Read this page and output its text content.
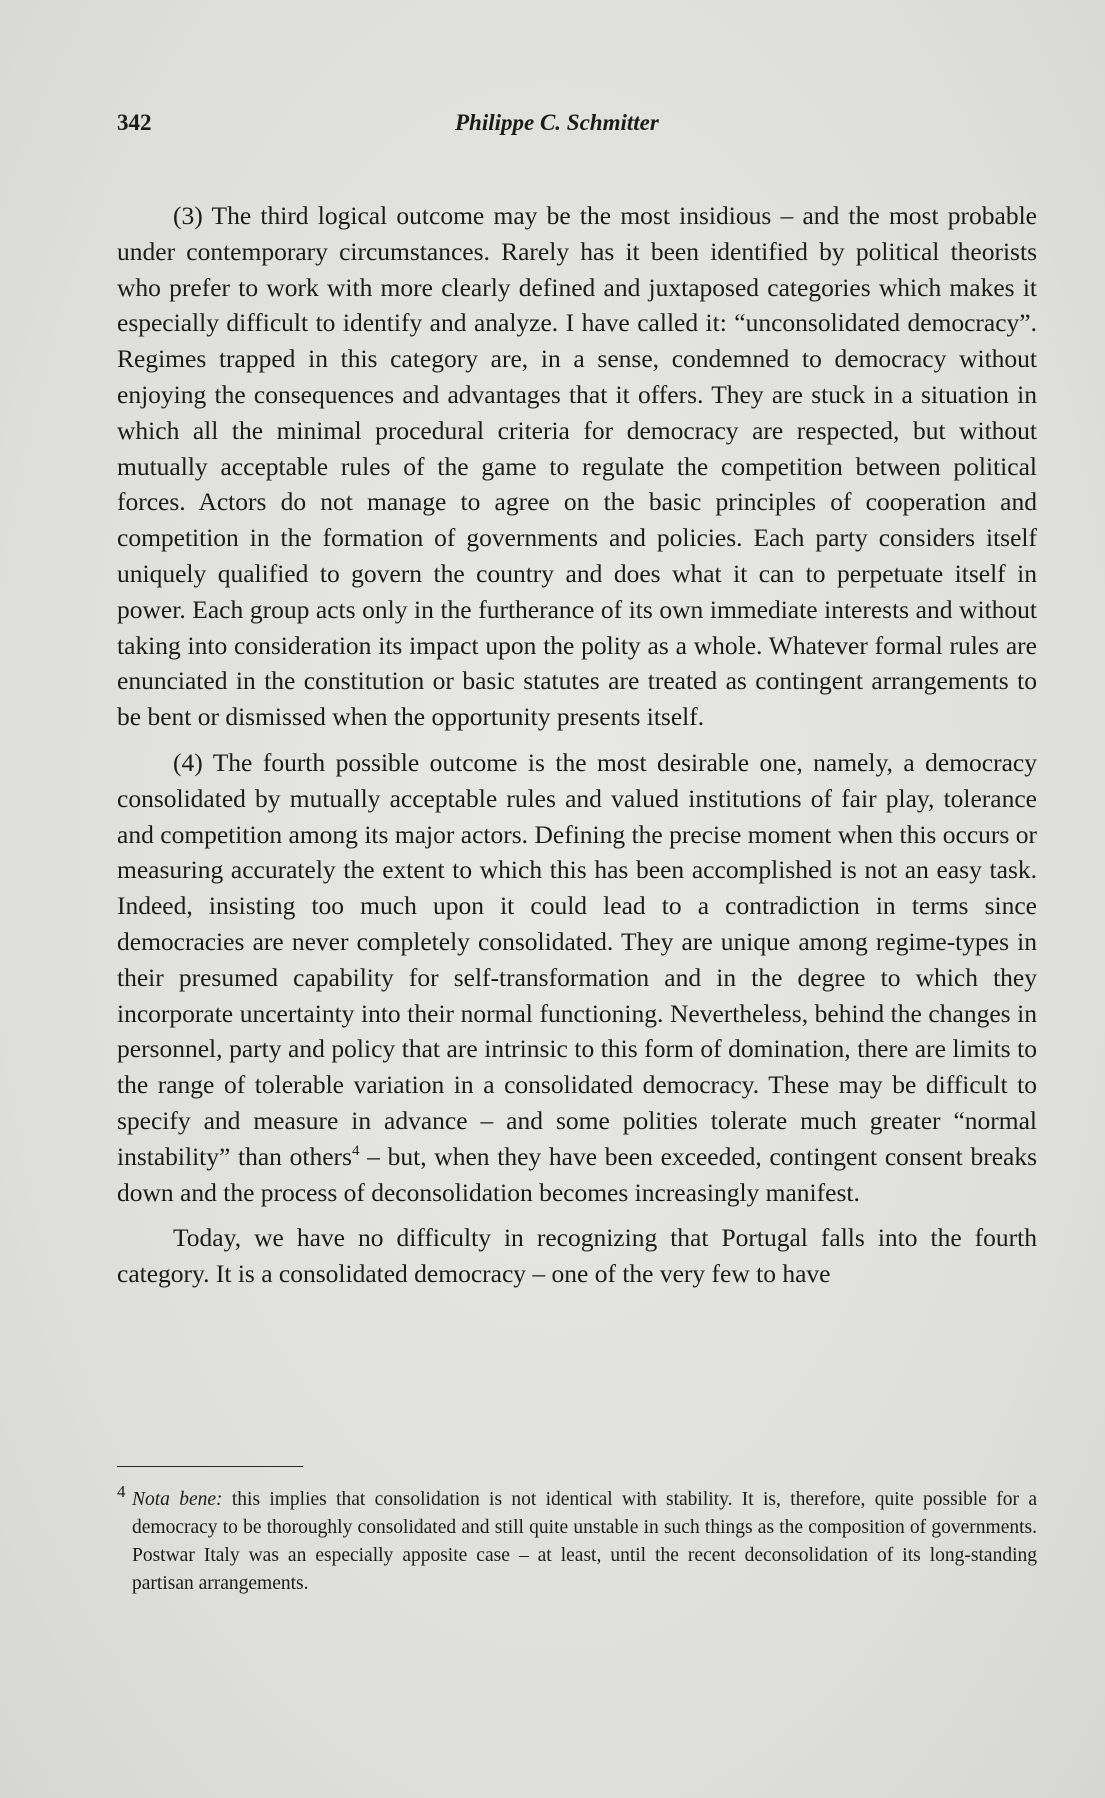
342	Philippe C. Schmitter

(3) The third logical outcome may be the most insidious – and the most probable under contemporary circumstances. Rarely has it been identified by political theorists who prefer to work with more clearly defined and juxtaposed categories which makes it especially difficult to identify and analyze. I have called it: “unconsolidated democracy”. Regimes trapped in this category are, in a sense, condemned to democracy without enjoying the consequences and advantages that it offers. They are stuck in a situation in which all the minimal procedural criteria for democracy are respected, but without mutually acceptable rules of the game to regulate the competition between political forces. Actors do not manage to agree on the basic principles of cooperation and competition in the formation of governments and policies. Each party considers itself uniquely qualified to govern the country and does what it can to perpetuate itself in power. Each group acts only in the furtherance of its own immediate interests and without taking into consideration its impact upon the polity as a whole. Whatever formal rules are enunciated in the constitution or basic statutes are treated as contingent arrangements to be bent or dismissed when the opportunity presents itself.

(4) The fourth possible outcome is the most desirable one, namely, a democracy consolidated by mutually acceptable rules and valued institutions of fair play, tolerance and competition among its major actors. Defining the precise moment when this occurs or measuring accurately the extent to which this has been accomplished is not an easy task. Indeed, insisting too much upon it could lead to a contradiction in terms since democracies are never completely consolidated. They are unique among regime-types in their presumed capability for self-transformation and in the degree to which they incorporate uncertainty into their normal functioning. Nevertheless, behind the changes in personnel, party and policy that are intrinsic to this form of domination, there are limits to the range of tolerable variation in a consolidated democracy. These may be difficult to specify and measure in advance – and some polities tolerate much greater “normal instability” than others$^4$ – but, when they have been exceeded, contingent consent breaks down and the process of deconsolidation becomes increasingly manifest.

Today, we have no difficulty in recognizing that Portugal falls into the fourth category. It is a consolidated democracy – one of the very few to have

4 Nota bene: this implies that consolidation is not identical with stability. It is, therefore, quite possible for a democracy to be thoroughly consolidated and still quite unstable in such things as the composition of governments. Postwar Italy was an especially apposite case – at least, until the recent deconsolidation of its long-standing partisan arrangements.
